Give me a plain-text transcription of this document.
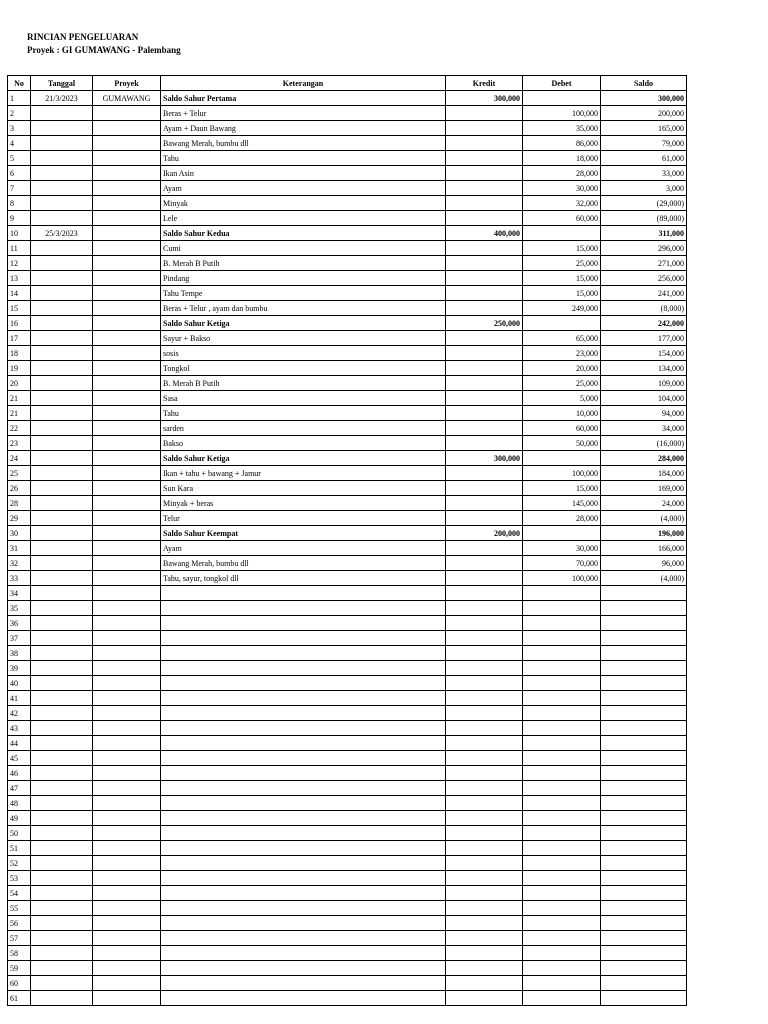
RINCIAN PENGELUARAN
Proyek : GI GUMAWANG - Palembang
No	Tanggal	Proyek	Keterangan	Kredit	Debet	Saldo
1	21/3/2023	GUMAWANG	Saldo Sahur Pertama	300,000		300,000
2			Beras + Telur		100,000	200,000
3			Ayam + Daun Bawang		35,000	165,000
4			Bawang Merah, bumbu dll		86,000	79,000
5			Tahu		18,000	61,000
6			Ikan Asin		28,000	33,000
7			Ayam		30,000	3,000
8			Minyak		32,000	(29,000)
9			Lele		60,000	(89,000)
10	25/3/2023		Saldo Sahur Kedua	400,000		311,000
11			Cumi		15,000	296,000
12			B. Merah B Putih		25,000	271,000
13			Pindang		15,000	256,000
14			Tahu Tempe		15,000	241,000
15			Beras + Telur , ayam dan bumbu		249,000	(8,000)
16			Saldo Sahur Ketiga	250,000		242,000
17			Sayur + Bakso		65,000	177,000
18			sosis		23,000	154,000
19			Tongkol		20,000	134,000
20			B. Merah B Putih		25,000	109,000
21			Sasa		5,000	104,000
21			Tahu		10,000	94,000
22			sarden		60,000	34,000
23			Bakso		50,000	(16,000)
24			Saldo Sahur Ketiga	300,000		284,000
25			Ikan + tahu + bawang + Jamur		100,000	184,000
26			Sun Kara		15,000	169,000
28			Minyak + beras		145,000	24,000
29			Telur		28,000	(4,000)
30			Saldo Sahur Keempat	200,000		196,000
31			Ayam		30,000	166,000
32			Bawang Merah, bumbu dll		70,000	96,000
33			Tahu, sayur, tongkol dll		100,000	(4,000)
34						
35						
36						
37						
38						
39						
40						
41						
42						
43						
44						
45						
46						
47						
48						
49						
50						
51						
52						
53						
54						
55						
56						
57						
58						
59						
60						
61						
